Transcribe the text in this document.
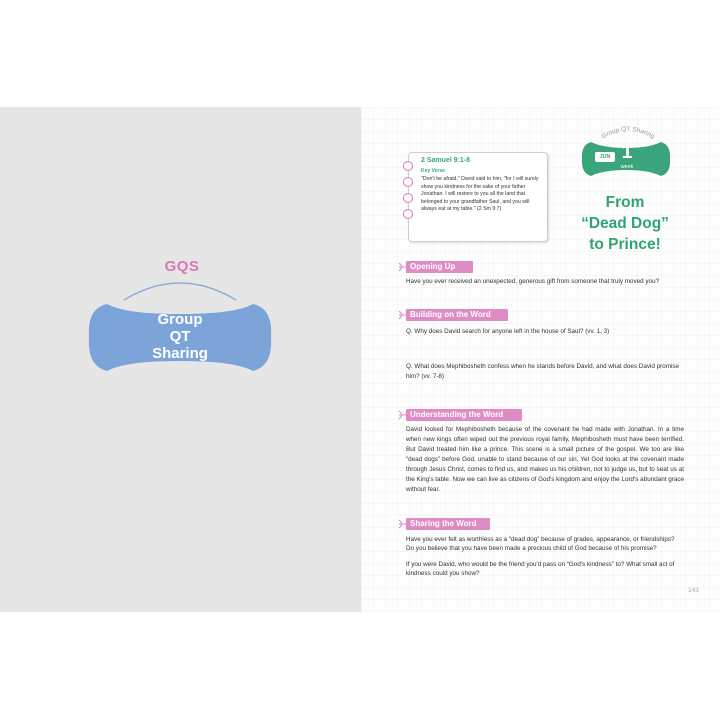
GQS
Group
QT
Sharing
2 Samuel 9:1-8
Key Verse
"Don't be afraid," David said to him, "for I will surely show you kindness for the sake of your father Jonathan. I will restore to you all the land that belonged to your grandfather Saul, and you will always eat at my table." (2 Sm 9:7)
Group QT Sharing
JUN 1
week
From
“Dead Dog”
to Prince!
Opening Up
Have you ever received an unexpected, generous gift from someone that truly moved you?
Building on the Word
Q. Why does David search for anyone left in the house of Saul? (vv. 1, 3)
Q. What does Mephibosheth confess when he stands before David, and what does David promise him? (vv. 7-8)
Understanding the Word
David looked for Mephibosheth because of the covenant he had made with Jonathan. In a time when new kings often wiped out the previous royal family, Mephibosheth must have been terrified. But David treated him like a prince. This scene is a small picture of the gospel. We too are like “dead dogs” before God, unable to stand because of our sin. Yet God looks at the covenant made through Jesus Christ, comes to find us, and makes us his children, not to judge us, but to seat us at the King's table. Now we can live as citizens of God's kingdom and enjoy the Lord's abundant grace without fear.
Sharing the Word
Have you ever felt as worthless as a “dead dog” because of grades, appearance, or friendships? Do you believe that you have been made a precious child of God because of his promise?
If you were David, who would be the friend you'd pass on “God's kindness” to? What small act of kindness could you show?
143
